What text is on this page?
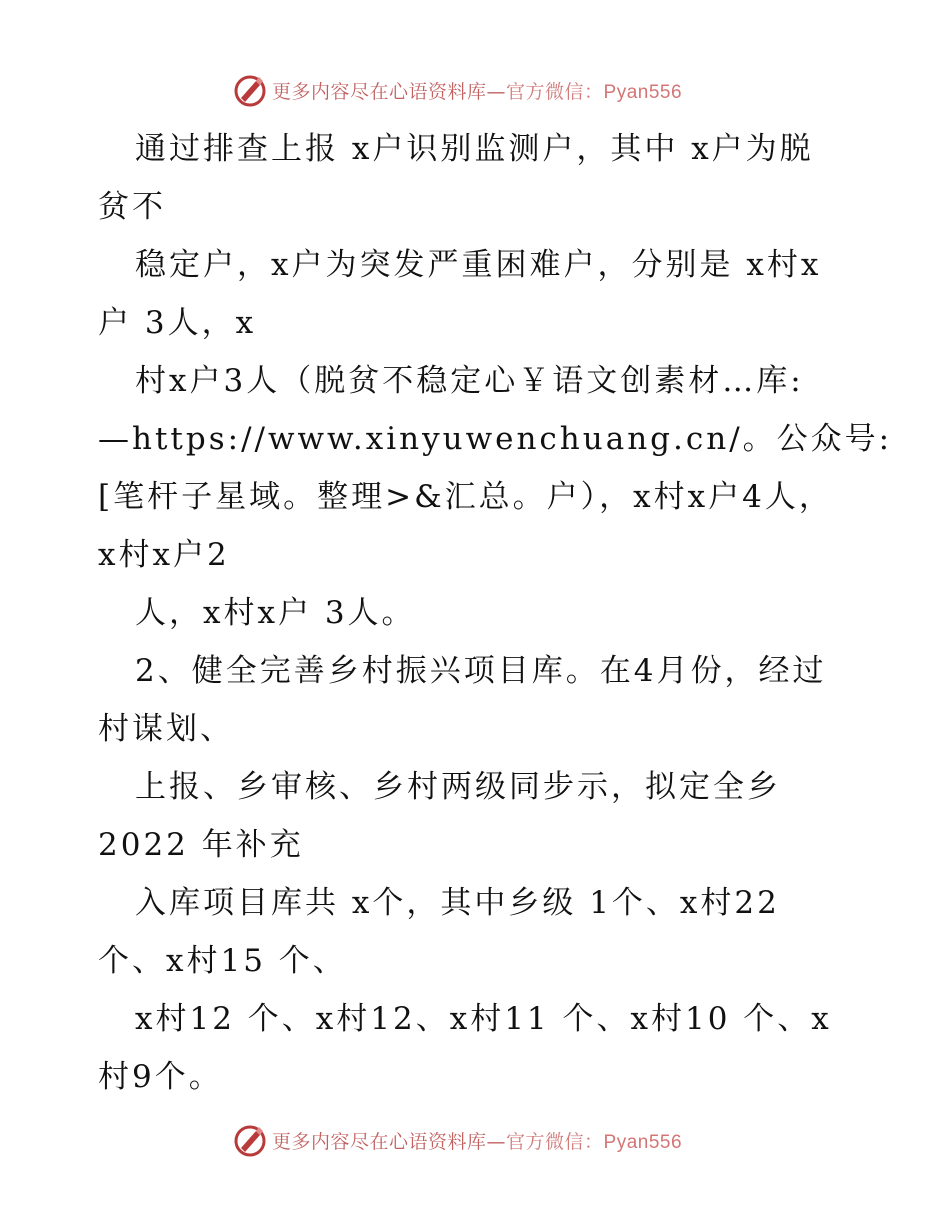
更多内容尽在心语资料库—官方微信：Pyan556
通过排查上报 x户识别监测户，其中 x户为脱
贫不
稳定户，x户为突发严重困难户，分别是 x村x
户 3人，x
村x户3人（脱贫不稳定心￥语文创素材…库:
—https://www.xinyuwenchuang.cn/。公众号:
[笔杆子星域。整理>&汇总。户），x村x户4人，
x村x户2
人，x村x户 3人。
2、健全完善乡村振兴项目库。在4月份，经过
村谋划、
上报、乡审核、乡村两级同步示，拟定全乡
2022 年补充
入库项目库共 x个，其中乡级 1个、x村22
个、x村15 个、
x村12 个、x村12、x村11 个、x村10 个、x
村9个。
更多内容尽在心语资料库—官方微信：Pyan556
